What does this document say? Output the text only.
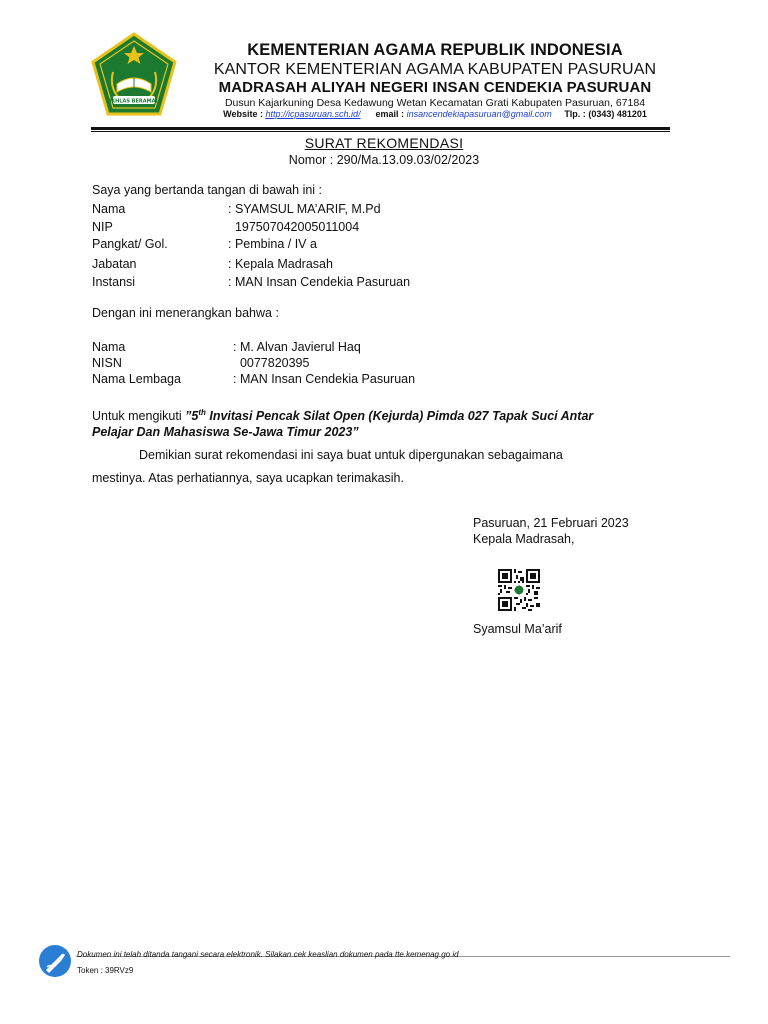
IKHLAS BERAMAL
KEMENTERIAN AGAMA REPUBLIK INDONESIA
KANTOR KEMENTERIAN AGAMA KABUPATEN PASURUAN
MADRASAH ALIYAH NEGERI INSAN CENDEKIA PASURUAN
Dusun Kajarkuning Desa Kedawung Wetan Kecamatan Grati Kabupaten Pasuruan, 67184
Website : http://icpasuruan.sch.id/ email : insancendekiapasuruan@gmail.com Tlp. : (0343) 481201
SURAT REKOMENDASI
Nomor : 290/Ma.13.09.03/02/2023
Saya yang bertanda tangan di bawah ini :
Nama	: SYAMSUL MA’ARIF, M.Pd
NIP	197507042005011004
Pangkat/ Gol.	: Pembina / IV a
Jabatan	: Kepala Madrasah
Instansi	: MAN Insan Cendekia Pasuruan
Dengan ini menerangkan bahwa :
Nama	: M. Alvan Javierul Haq
NISN	0077820395
Nama Lembaga	: MAN Insan Cendekia Pasuruan
Untuk mengikuti ”5th Invitasi Pencak Silat Open (Kejurda) Pimda 027 Tapak Suci Antar
Pelajar Dan Mahasiswa Se-Jawa Timur 2023”
Demikian surat rekomendasi ini saya buat untuk dipergunakan sebagaimana
mestinya. Atas perhatiannya, saya ucapkan terimakasih.
Pasuruan, 21 Februari 2023
Kepala Madrasah,
Syamsul Ma’arif
Dokumen ini telah ditanda tangani secara elektronik. Silakan cek keaslian dokumen pada tte.kemenag.go.id
Token : 39RVz9
